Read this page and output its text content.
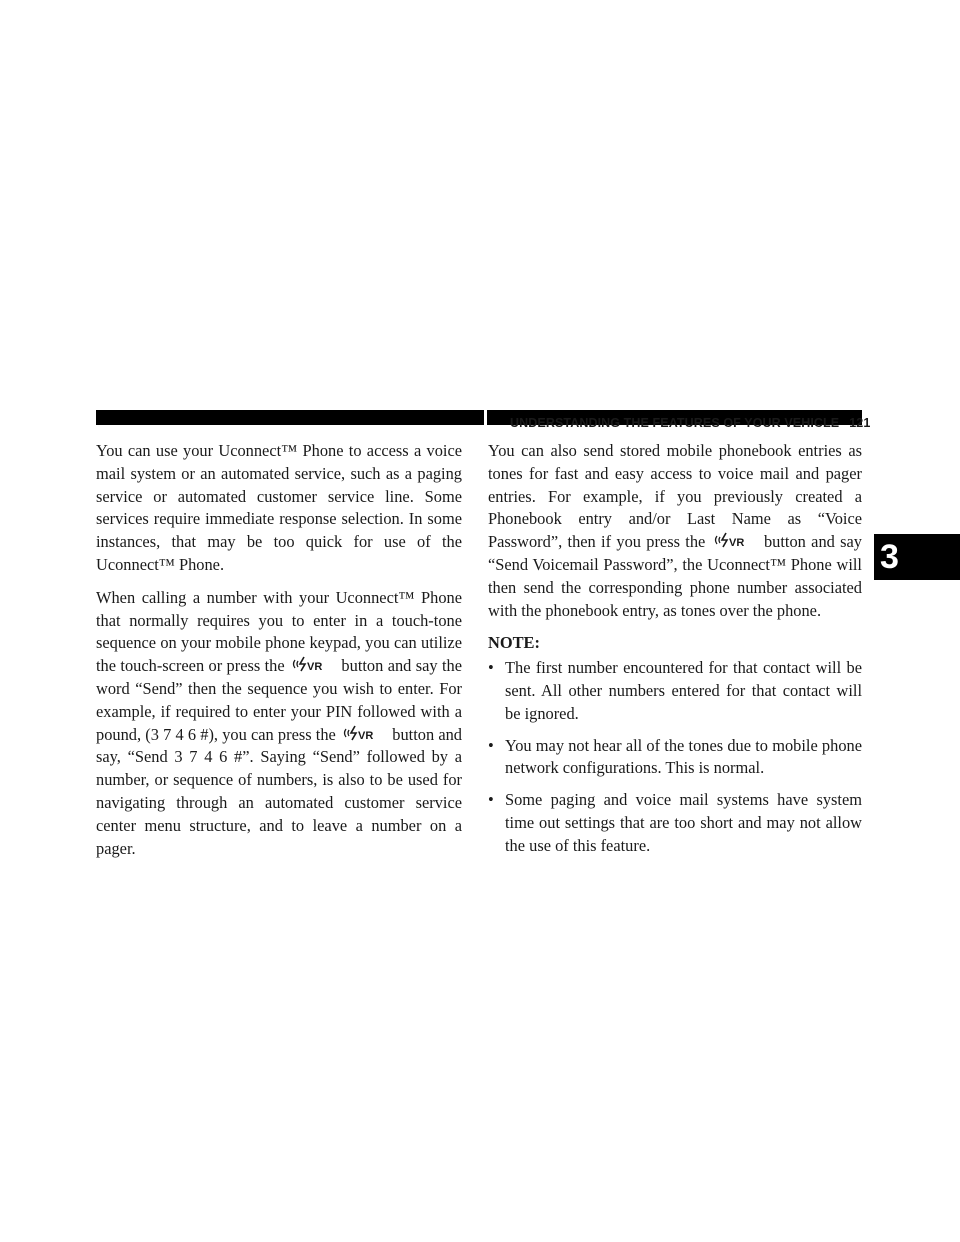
UNDERSTANDING THE FEATURES OF YOUR VEHICLE 121
3

You can use your Uconnect™ Phone to access a voice mail system or an automated service, such as a paging service or automated customer service line. Some services require immediate response selection. In some instances, that may be too quick for use of the Uconnect™ Phone.

When calling a number with your Uconnect™ Phone that normally requires you to enter in a touch-tone sequence on your mobile phone keypad, you can utilize the touch-screen or press the VR button and say the word “Send” then the sequence you wish to enter. For example, if required to enter your PIN followed with a pound, (3 7 4 6 #), you can press the VR button and say, “Send 3 7 4 6 #”. Saying “Send” followed by a number, or sequence of numbers, is also to be used for navigating through an automated customer service center menu structure, and to leave a number on a pager.

You can also send stored mobile phonebook entries as tones for fast and easy access to voice mail and pager entries. For example, if you previously created a Phonebook entry and/or Last Name as “Voice Password”, then if you press the VR button and say “Send Voicemail Password”, the Uconnect™ Phone will then send the corresponding phone number associated with the phonebook entry, as tones over the phone.

NOTE:
• The first number encountered for that contact will be sent. All other numbers entered for that contact will be ignored.
• You may not hear all of the tones due to mobile phone network configurations. This is normal.
• Some paging and voice mail systems have system time out settings that are too short and may not allow the use of this feature.
